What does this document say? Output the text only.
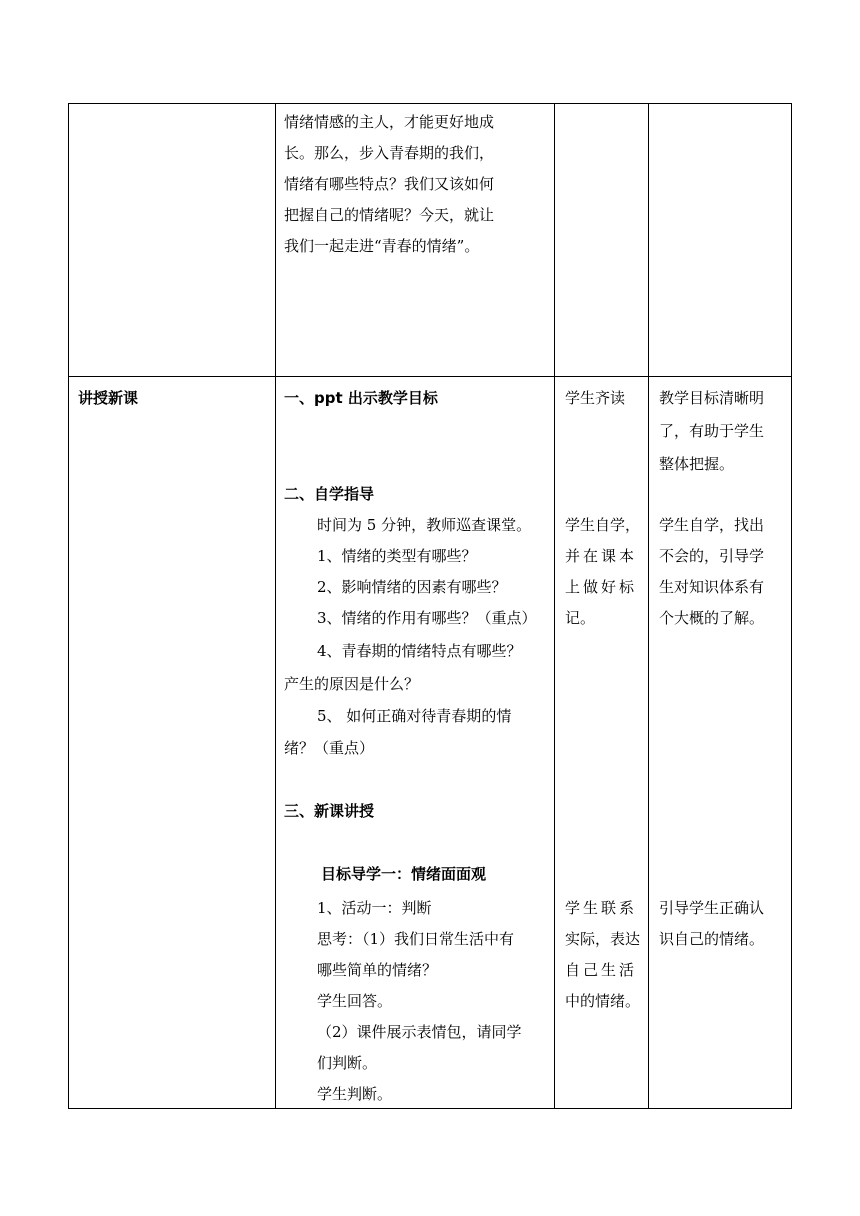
情绪情感的主人，才能更好地成
长。那么，步入青春期的我们，
情绪有哪些特点？我们又该如何
把握自己的情绪呢？今天，就让
我们一起走进“青春的情绪”。
讲授新课	一、ppt 出示教学目标
二、自学指导
时间为 5 分钟，教师巡查课堂。
1、情绪的类型有哪些？
2、影响情绪的因素有哪些？
3、情绪的作用有哪些？（重点）
4、青春期的情绪特点有哪些？
产生的原因是什么？
5、 如何正确对待青春期的情
绪？（重点）
三、新课讲授
目标导学一：情绪面面观
1、活动一：判断
思考：（1）我们日常生活中有
哪些简单的情绪？
学生回答。
（2）课件展示表情包，请同学
们判断。
学生判断。
学生齐读
学生自学，
并在课本
上做好标
记。
学生联系
实际，表达
自己生活
中的情绪。
教学目标清晰明
了，有助于学生
整体把握。
学生自学，找出
不会的，引导学
生对知识体系有
个大概的了解。
引导学生正确认
识自己的情绪。
